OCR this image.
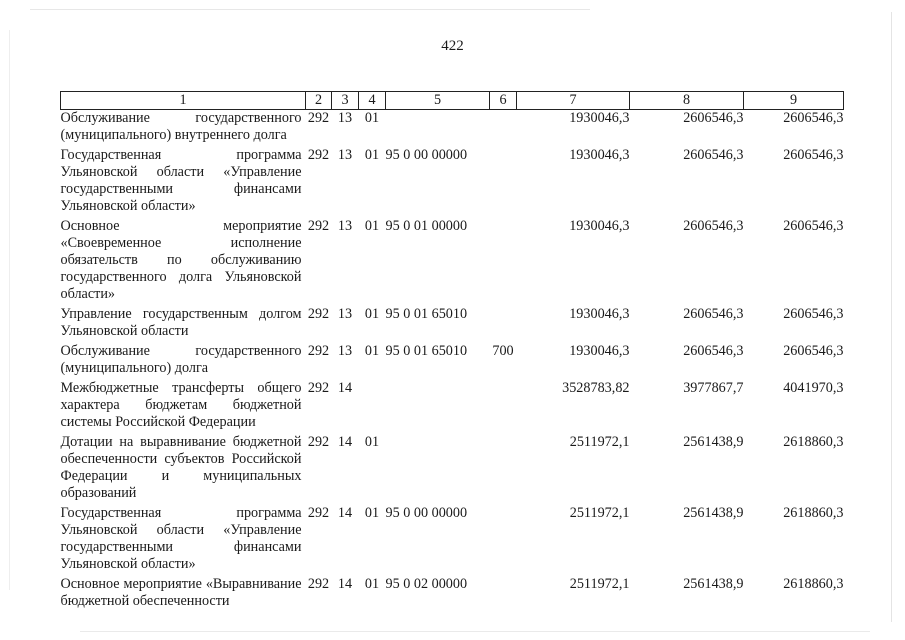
422
1	2	3	4	5	6	7	8	9
Обслуживание государственного (муниципального) внутреннего долга	292	13	01			1930046,3	2606546,3	2606546,3
Государственная программа Ульяновской области «Управление государственными финансами Ульяновской области»	292	13	01	95 0 00 00000		1930046,3	2606546,3	2606546,3
Основное мероприятие «Своевременное исполнение обязательств по обслуживанию государственного долга Ульяновской области»	292	13	01	95 0 01 00000		1930046,3	2606546,3	2606546,3
Управление государственным долгом Ульяновской области	292	13	01	95 0 01 65010		1930046,3	2606546,3	2606546,3
Обслуживание государственного (муниципального) долга	292	13	01	95 0 01 65010	700	1930046,3	2606546,3	2606546,3
Межбюджетные трансферты общего характера бюджетам бюджетной системы Российской Федерации	292	14				3528783,82	3977867,7	4041970,3
Дотации на выравнивание бюджетной обеспеченности субъектов Российской Федерации и муниципальных образований	292	14	01			2511972,1	2561438,9	2618860,3
Государственная программа Ульяновской области «Управление государственными финансами Ульяновской области»	292	14	01	95 0 00 00000		2511972,1	2561438,9	2618860,3
Основное мероприятие «Выравнивание бюджетной обеспеченности	292	14	01	95 0 02 00000		2511972,1	2561438,9	2618860,3
